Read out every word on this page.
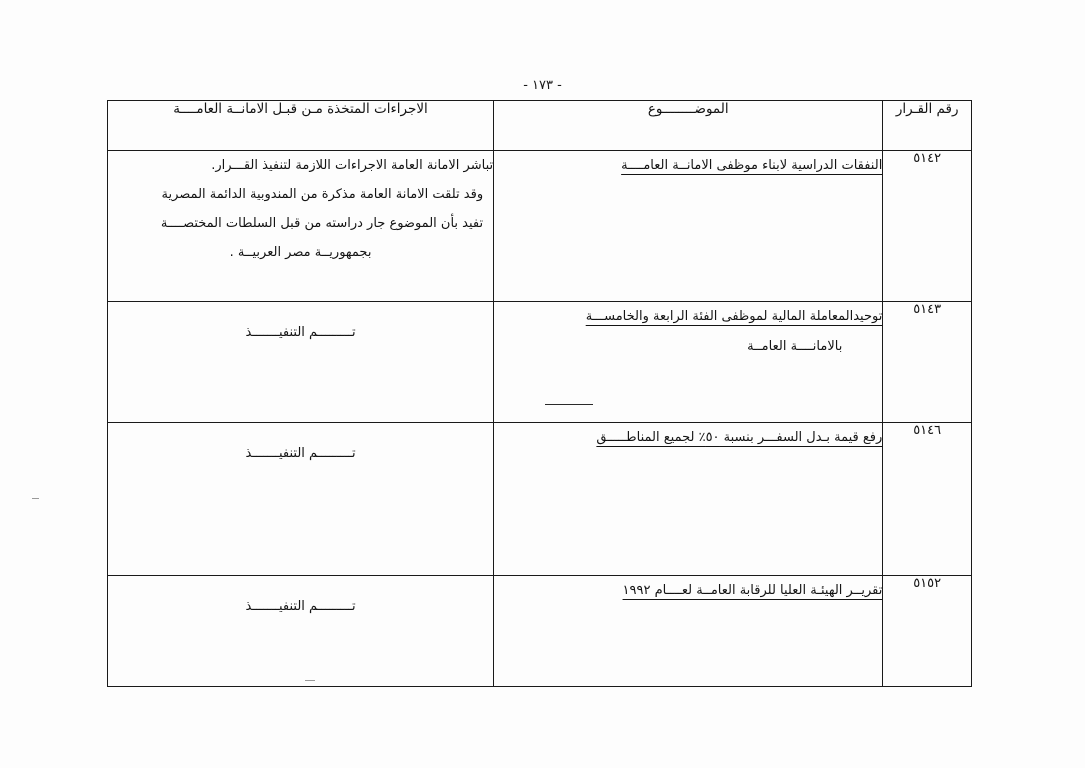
- ١٧٣ -
رقم القـرار	الموضــــــــوع	الاجراءات المتخذة مـن قبـل الامانــة العامــــة
٥١٤٢	النفقات الدراسية لابناء موظفى الامانــة العامــــة	تباشر الامانة العامة الاجراءات اللازمة لتنفيذ القـــرار.
وقد تلقت الامانة العامة مذكرة من المندوبية الدائمة المصرية
تفيد بأن الموضوع جار دراسته من قبل السلطات المختصــــة
بجمهوريــة مصر العربيــة .

٥١٤٣	توحيدالمعاملة المالية لموظفى الفئة الرابعة والخامســـة بالامانــــة العامــة	تـــــــــم التنفيـــــــذ

٥١٤٦	رفع قيمة بـدل السفـــر بنسبة ٥٠٪ لجميع المناطـــــق	تـــــــــم التنفيـــــــذ

٥١٥٢	تقريــر الهيئـة العليا للرقابة العامــة لعــــام ١٩٩٢	تـــــــــم التنفيـــــــذ
